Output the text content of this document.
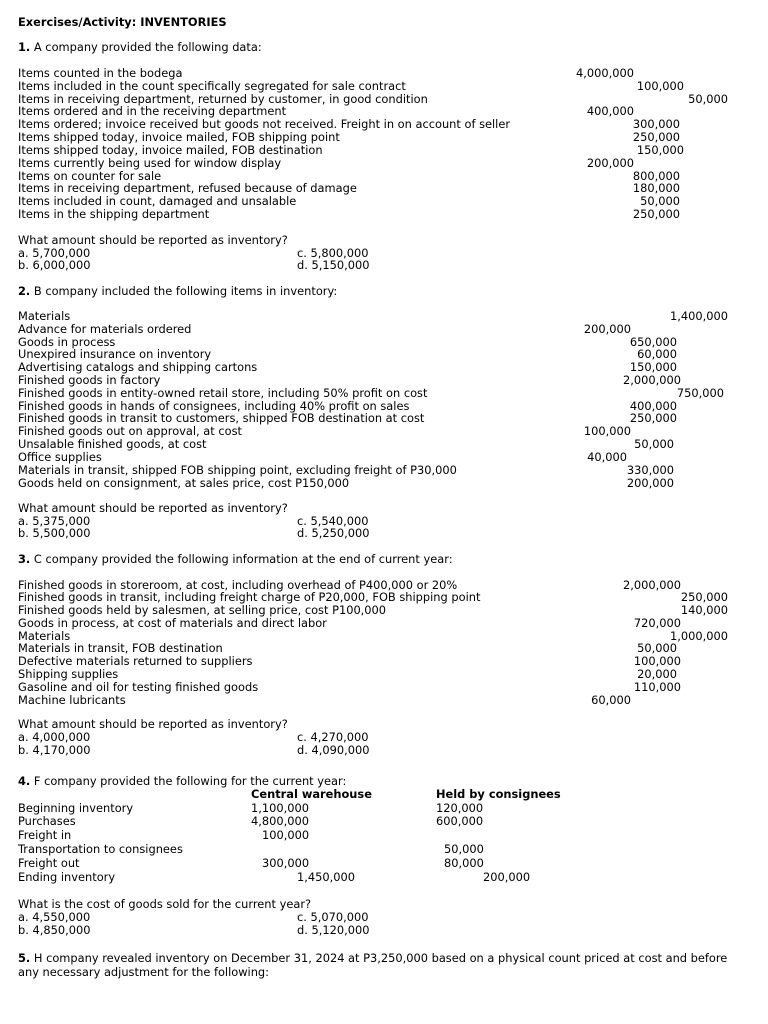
Exercises/Activity: INVENTORIES
1. A company provided the following data:
Items counted in the bodega
Items included in the count specifically segregated for sale contract
Items in receiving department, returned by customer, in good condition
Items ordered and in the receiving department
Items ordered; invoice received but goods not received. Freight in on account of seller
Items shipped today, invoice mailed, FOB shipping point
Items shipped today, invoice mailed, FOB destination
Items currently being used for window display
Items on counter for sale
Items in receiving department, refused because of damage
Items included in count, damaged and unsalable
Items in the shipping department
4,000,000
100,000
50,000
400,000
300,000
250,000
150,000
200,000
800,000
180,000
50,000
250,000
What amount should be reported as inventory?
a. 5,700,000
b. 6,000,000
c. 5,800,000
d. 5,150,000
2. B company included the following items in inventory:
Materials
Advance for materials ordered
Goods in process
Unexpired insurance on inventory
Advertising catalogs and shipping cartons
Finished goods in factory
Finished goods in entity-owned retail store, including 50% profit on cost
Finished goods in hands of consignees, including 40% profit on sales
Finished goods in transit to customers, shipped FOB destination at cost
Finished goods out on approval, at cost
Unsalable finished goods, at cost
Office supplies
Materials in transit, shipped FOB shipping point, excluding freight of P30,000
Goods held on consignment, at sales price, cost P150,000
1,400,000
200,000
650,000
60,000
150,000
2,000,000
750,000
400,000
250,000
100,000
50,000
40,000
330,000
200,000
What amount should be reported as inventory?
a. 5,375,000
b. 5,500,000
c. 5,540,000
d. 5,250,000
3. C company provided the following information at the end of current year:
Finished goods in storeroom, at cost, including overhead of P400,000 or 20%
Finished goods in transit, including freight charge of P20,000, FOB shipping point
Finished goods held by salesmen, at selling price, cost P100,000
Goods in process, at cost of materials and direct labor
Materials
Materials in transit, FOB destination
Defective materials returned to suppliers
Shipping supplies
Gasoline and oil for testing finished goods
Machine lubricants
2,000,000
250,000
140,000
720,000
1,000,000
50,000
100,000
20,000
110,000
60,000
What amount should be reported as inventory?
a. 4,000,000
b. 4,170,000
c. 4,270,000
d. 4,090,000
4. F company provided the following for the current year:
Central warehouse	Held by consignees
Beginning inventory
Purchases
Freight in
Transportation to consignees
Freight out
Ending inventory
1,100,000
4,800,000
100,000
300,000
1,450,000
120,000
600,000
50,000
80,000
200,000
What is the cost of goods sold for the current year?
a. 4,550,000
b. 4,850,000
c. 5,070,000
d. 5,120,000
5. H company revealed inventory on December 31, 2024 at P3,250,000 based on a physical count priced at cost and before
any necessary adjustment for the following:
